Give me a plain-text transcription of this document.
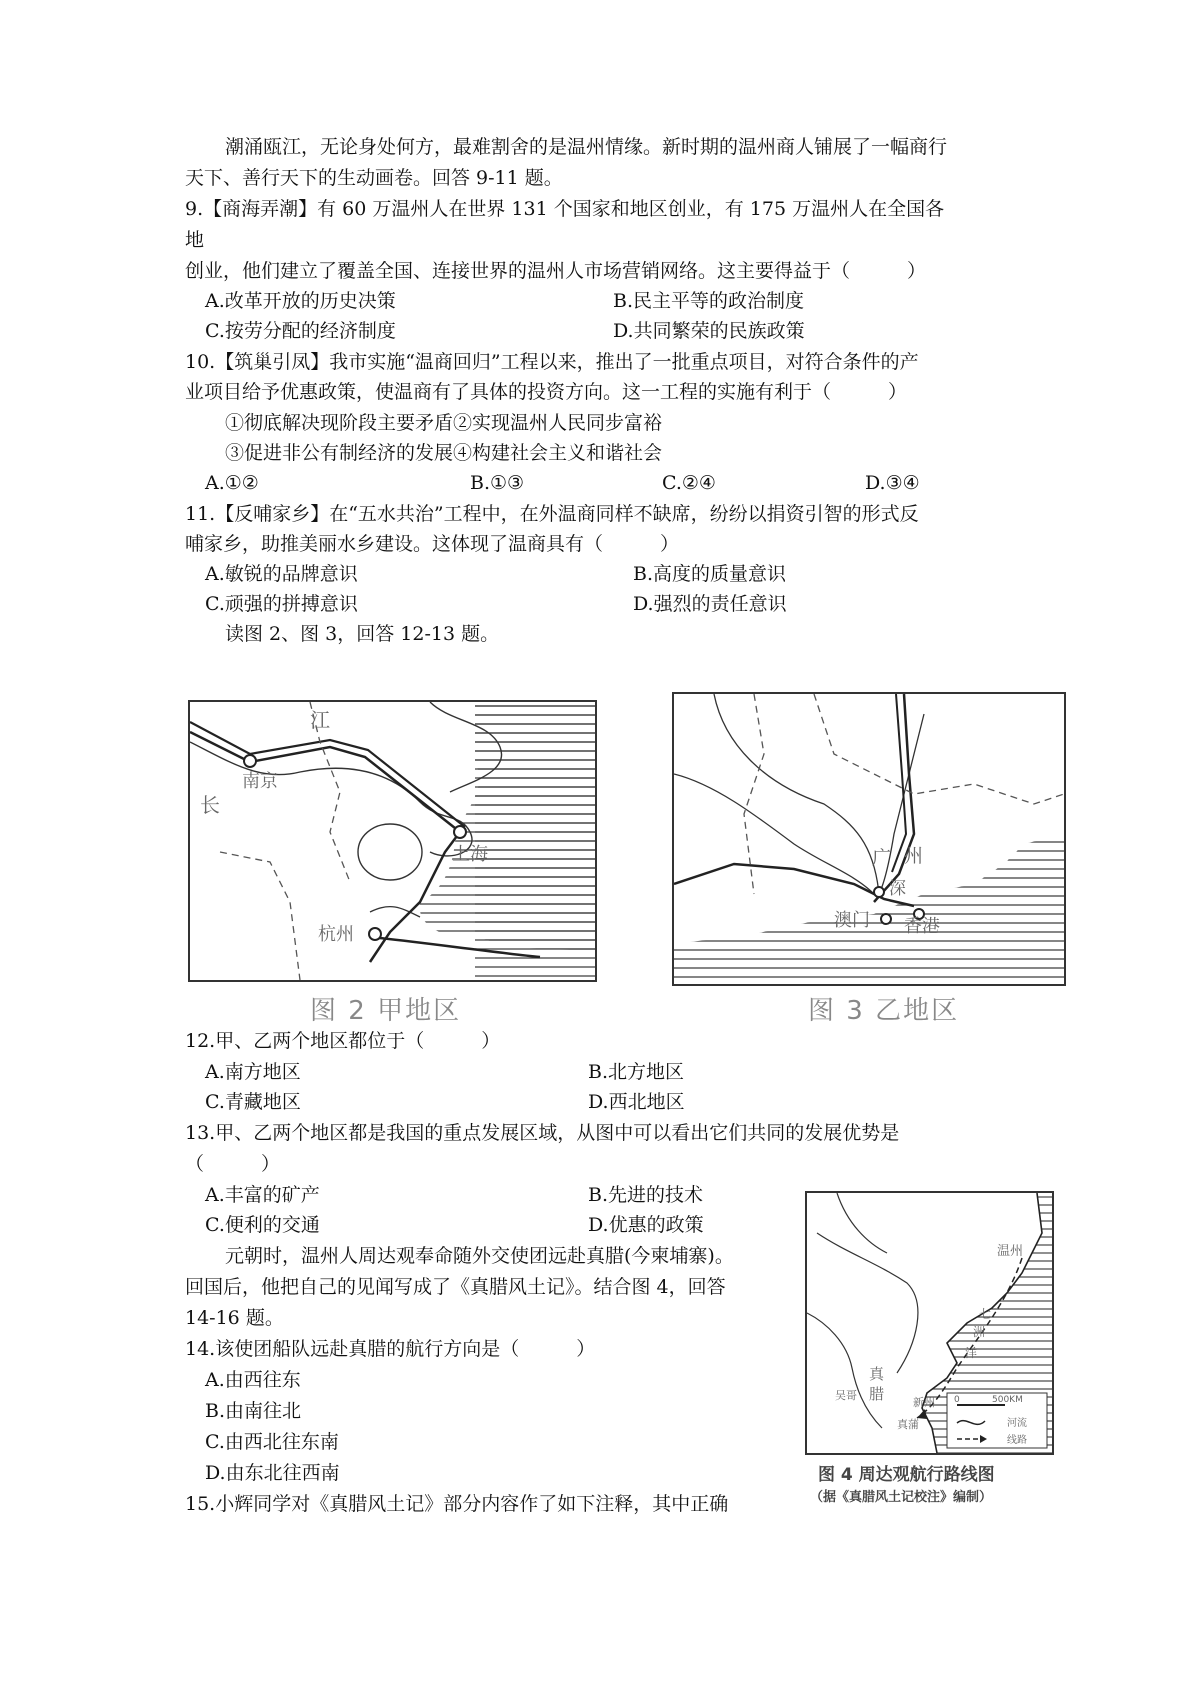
潮涌瓯江，无论身处何方，最难割舍的是温州情缘。新时期的温州商人铺展了一幅商行
天下、善行天下的生动画卷。回答 9-11 题。
9.【商海弄潮】有 60 万温州人在世界 131 个国家和地区创业，有 175 万温州人在全国各
地
创业，他们建立了覆盖全国、连接世界的温州人市场营销网络。这主要得益于（　　　）
A.改革开放的历史决策	B.民主平等的政治制度
C.按劳分配的经济制度	D.共同繁荣的民族政策
10.【筑巢引凤】我市实施“温商回归”工程以来，推出了一批重点项目，对符合条件的产
业项目给予优惠政策，使温商有了具体的投资方向。这一工程的实施有利于（　　　）
①彻底解决现阶段主要矛盾②实现温州人民同步富裕
③促进非公有制经济的发展④构建社会主义和谐社会
A.①②	B.①③	C.②④	D.③④
11.【反哺家乡】在“五水共治”工程中，在外温商同样不缺席，纷纷以捐资引智的形式反
哺家乡，助推美丽水乡建设。这体现了温商具有（　　　）
A.敏锐的品牌意识	B.高度的质量意识
C.顽强的拼搏意识	D.强烈的责任意识
读图 2、图 3，回答 12-13 题。
江
长
南京
上海
杭州
图 2 甲地区
广 州
深
澳门 香港
图 3 乙地区
12.甲、乙两个地区都位于（　　　）
A.南方地区	B.北方地区
C.青藏地区	D.西北地区
13.甲、乙两个地区都是我国的重点发展区域，从图中可以看出它们共同的发展优势是
（　　　）
A.丰富的矿产	B.先进的技术
C.便利的交通	D.优惠的政策
元朝时，温州人周达观奉命随外交使团远赴真腊(今柬埔寨)。
回国后，他把自己的见闻写成了《真腊风土记》。结合图 4，回答
14-16 题。
14.该使团船队远赴真腊的航行方向是（　　　）
A.由西往东
B.由南往北
C.由西北往东南
D.由东北往西南
15.小辉同学对《真腊风土记》部分内容作了如下注释，其中正确
温州
七
洲
洋
真
腊
吴哥
新州
真蒲
0	500KM
河流
线路
图 4 周达观航行路线图
（据《真腊风土记校注》编制）
